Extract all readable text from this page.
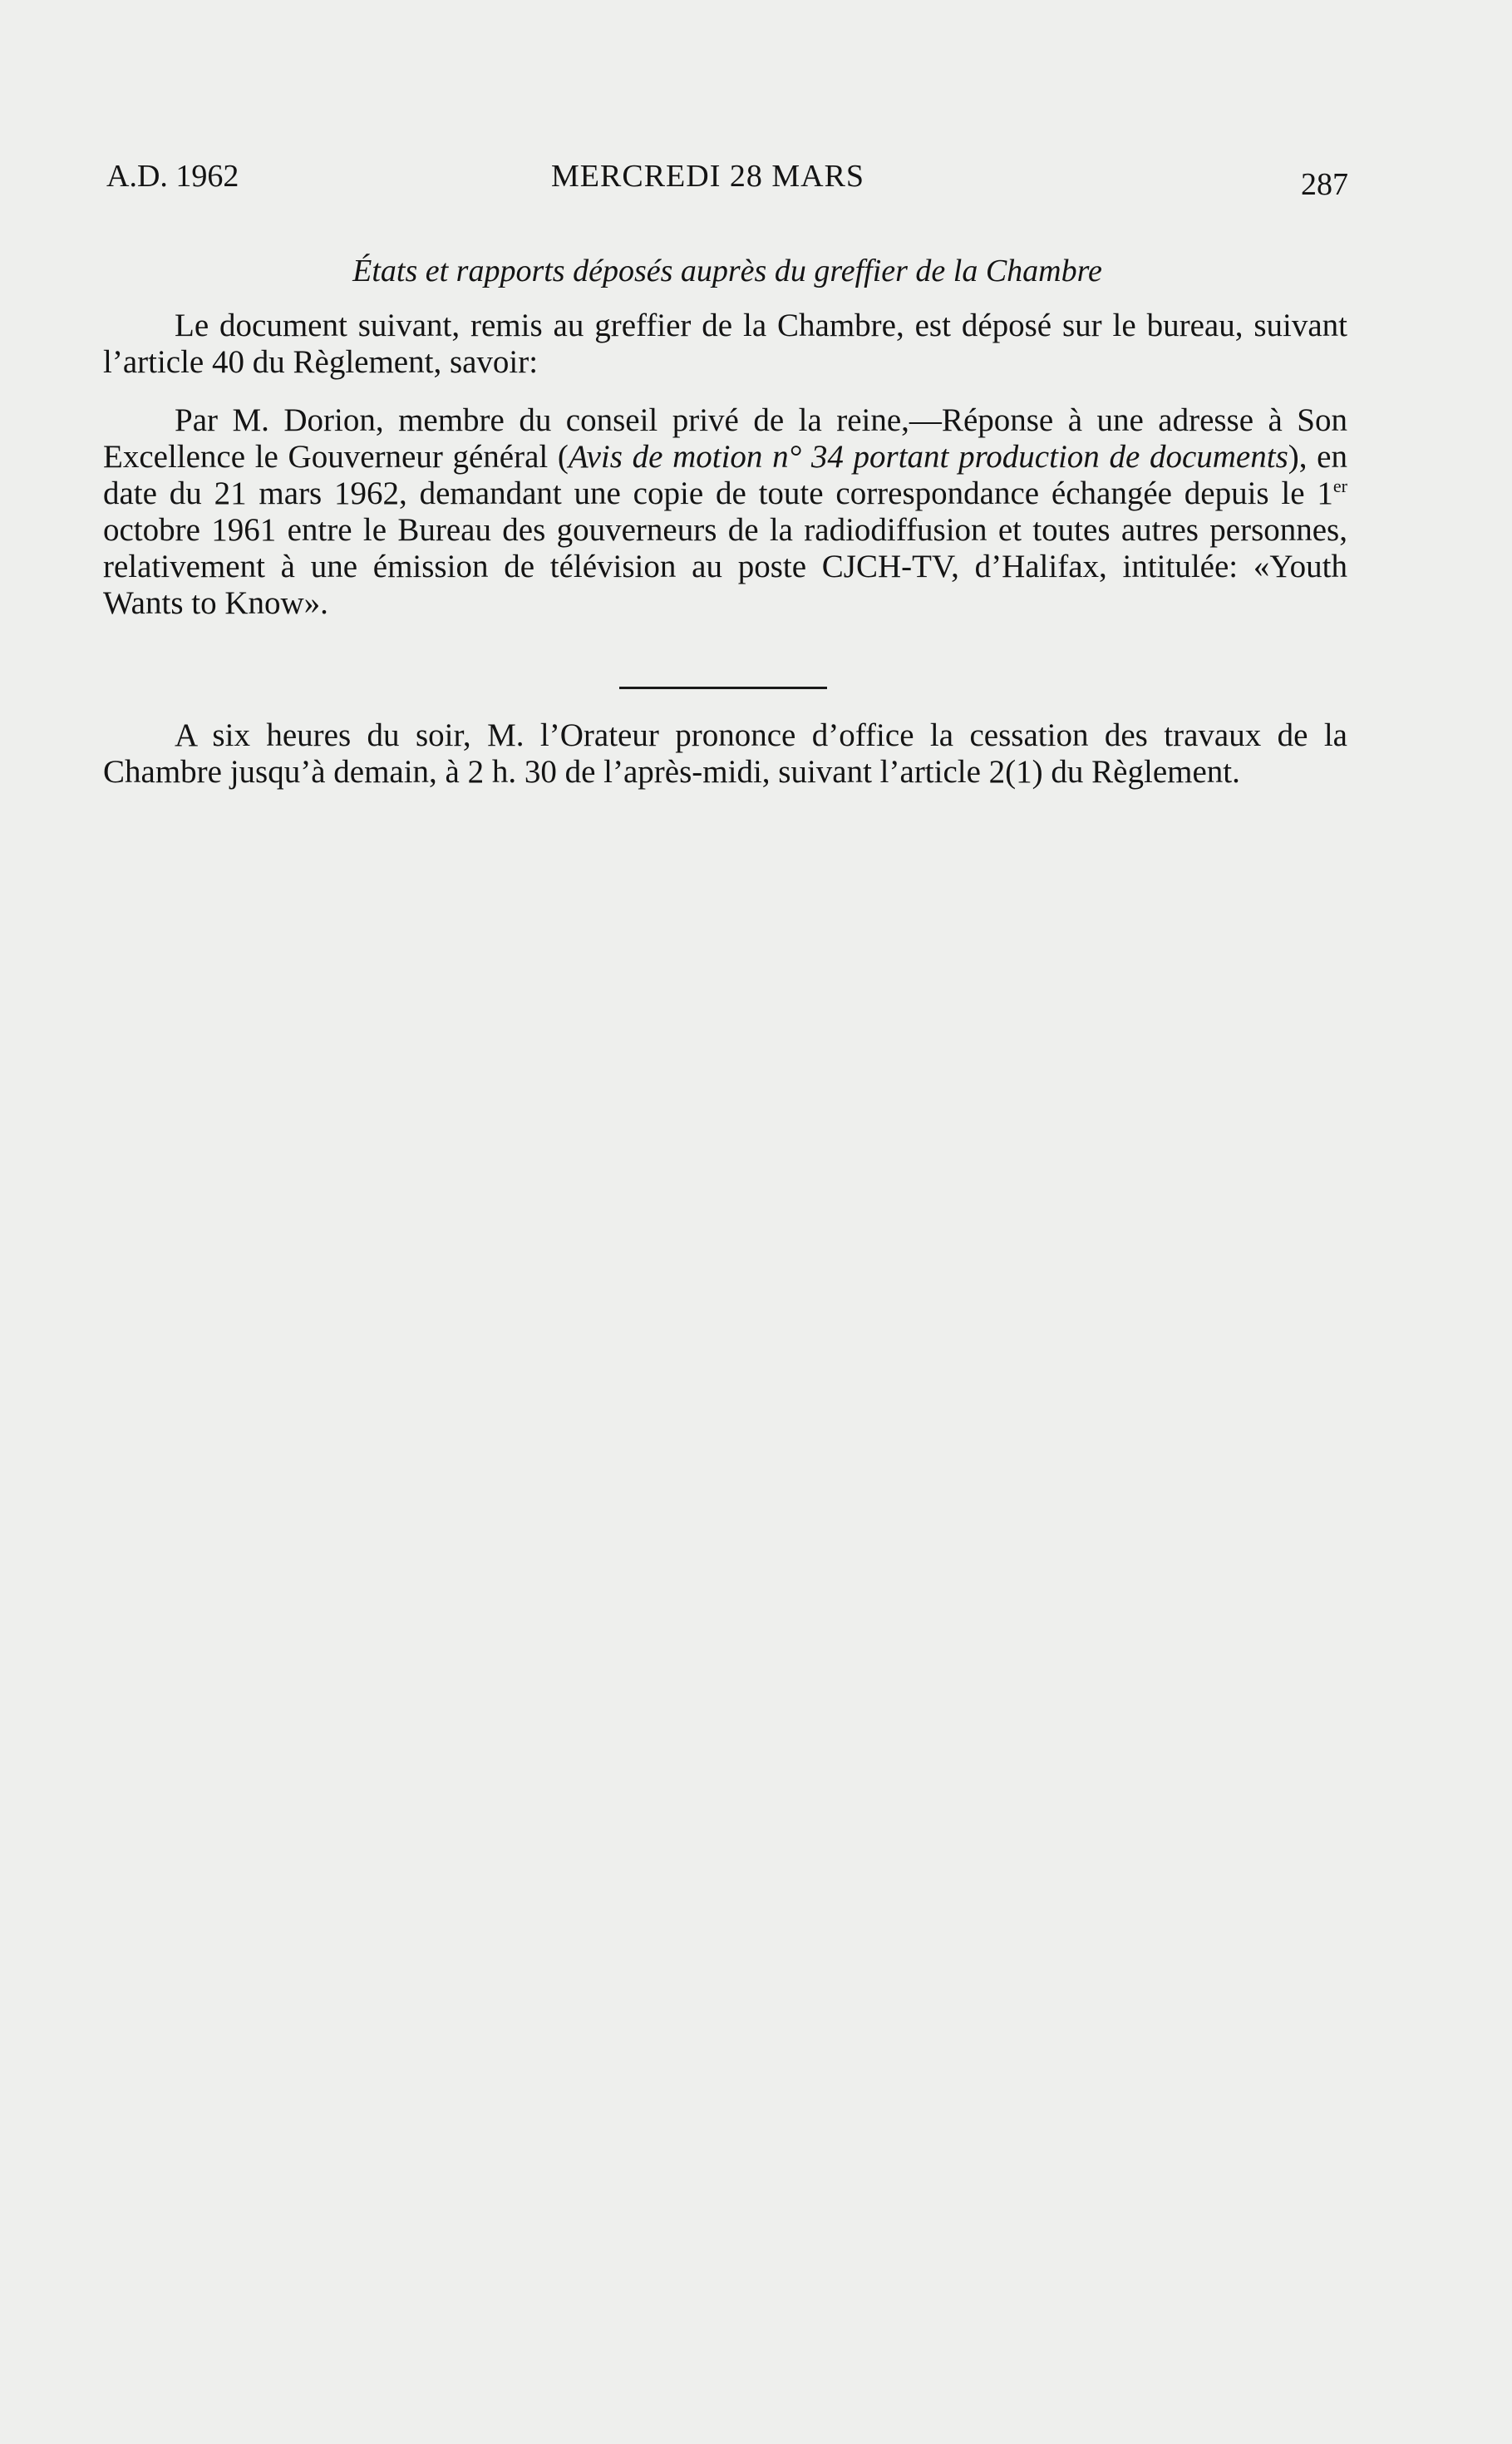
A.D. 1962	MERCREDI 28 MARS	287
États et rapports déposés auprès du greffier de la Chambre

Le document suivant, remis au greffier de la Chambre, est déposé sur le bureau, suivant l’article 40 du Règlement, savoir:

Par M. Dorion, membre du conseil privé de la reine,—Réponse à une adresse à Son Excellence le Gouverneur général (Avis de motion n° 34 portant production de documents), en date du 21 mars 1962, demandant une copie de toute correspondance échangée depuis le 1er octobre 1961 entre le Bureau des gouverneurs de la radiodiffusion et toutes autres personnes, relativement à une émission de télévision au poste CJCH-TV, d’Halifax, intitulée: «Youth Wants to Know».

A six heures du soir, M. l’Orateur prononce d’office la cessation des travaux de la Chambre jusqu’à demain, à 2 h. 30 de l’après-midi, suivant l’article 2(1) du Règlement.
